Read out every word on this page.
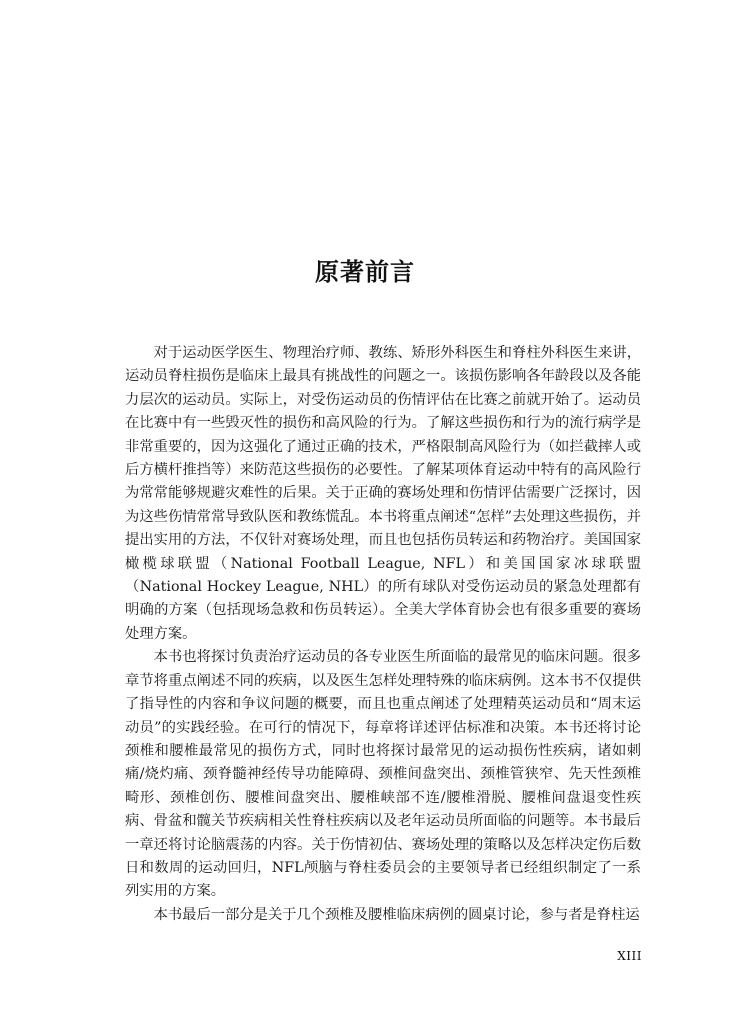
原著前言

对于运动医学医生、物理治疗师、教练、矫形外科医生和脊柱外科医生来讲，运动员脊柱损伤是临床上最具有挑战性的问题之一。该损伤影响各年龄段以及各能力层次的运动员。实际上，对受伤运动员的伤情评估在比赛之前就开始了。运动员在比赛中有一些毁灭性的损伤和高风险的行为。了解这些损伤和行为的流行病学是非常重要的，因为这强化了通过正确的技术，严格限制高风险行为（如拦截摔人或后方横杆推挡等）来防范这些损伤的必要性。了解某项体育运动中特有的高风险行为常常能够规避灾难性的后果。关于正确的赛场处理和伤情评估需要广泛探讨，因为这些伤情常常导致队医和教练慌乱。本书将重点阐述“怎样”去处理这些损伤，并提出实用的方法，不仅针对赛场处理，而且也包括伤员转运和药物治疗。美国国家橄榄球联盟（National Football League, NFL）和美国国家冰球联盟（National Hockey League, NHL）的所有球队对受伤运动员的紧急处理都有明确的方案（包括现场急救和伤员转运）。全美大学体育协会也有很多重要的赛场处理方案。

本书也将探讨负责治疗运动员的各专业医生所面临的最常见的临床问题。很多章节将重点阐述不同的疾病，以及医生怎样处理特殊的临床病例。这本书不仅提供了指导性的内容和争议问题的概要，而且也重点阐述了处理精英运动员和“周末运动员”的实践经验。在可行的情况下，每章将详述评估标准和决策。本书还将讨论颈椎和腰椎最常见的损伤方式，同时也将探讨最常见的运动损伤性疾病，诸如刺痛/烧灼痛、颈脊髓神经传导功能障碍、颈椎间盘突出、颈椎管狭窄、先天性颈椎畸形、颈椎创伤、腰椎间盘突出、腰椎峡部不连/腰椎滑脱、腰椎间盘退变性疾病、骨盆和髋关节疾病相关性脊柱疾病以及老年运动员所面临的问题等。本书最后一章还将讨论脑震荡的内容。关于伤情初估、赛场处理的策略以及怎样决定伤后数日和数周的运动回归，NFL颅脑与脊柱委员会的主要领导者已经组织制定了一系列实用的方案。

本书最后一部分是关于几个颈椎及腰椎临床病例的圆桌讨论，参与者是脊柱运

XIII
